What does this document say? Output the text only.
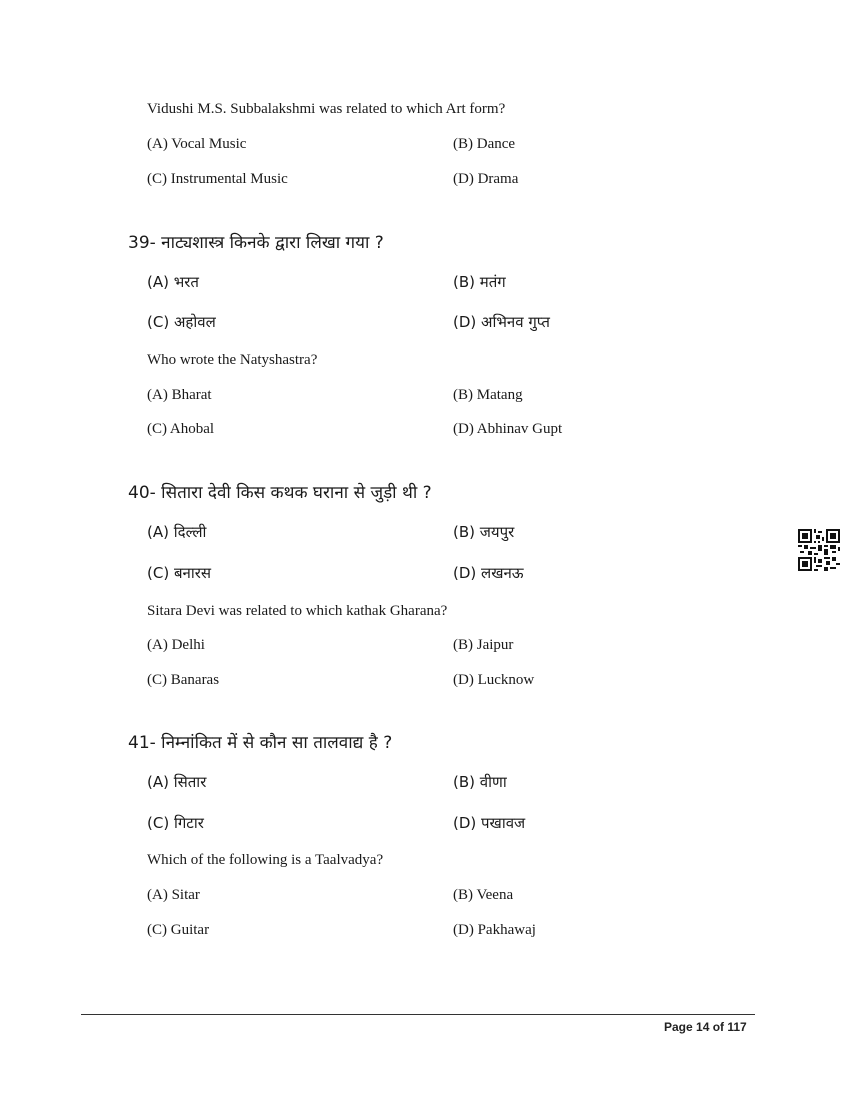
Vidushi M.S. Subbalakshmi was related to which Art form?
(A) Vocal Music	(B) Dance
(C) Instrumental Music	(D) Drama
39- नाट्यशास्त्र किनके द्वारा लिखा गया ?
(A) भरत	(B) मतंग
(C) अहोवल	(D) अभिनव गुप्त
Who wrote the Natyshastra?
(A) Bharat	(B) Matang
(C) Ahobal	(D) Abhinav Gupt
40- सितारा देवी किस कथक घराना से जुड़ी थी ?
(A) दिल्ली	(B) जयपुर
(C) बनारस	(D) लखनऊ
Sitara Devi was related to which kathak Gharana?
(A) Delhi	(B) Jaipur
(C) Banaras	(D) Lucknow
41- निम्नांकित में से कौन सा तालवाद्य है ?
(A) सितार	(B) वीणा
(C) गिटार	(D) पखावज
Which of the following is a Taalvadya?
(A) Sitar	(B) Veena
(C) Guitar	(D) Pakhawaj
Page 14 of 117
